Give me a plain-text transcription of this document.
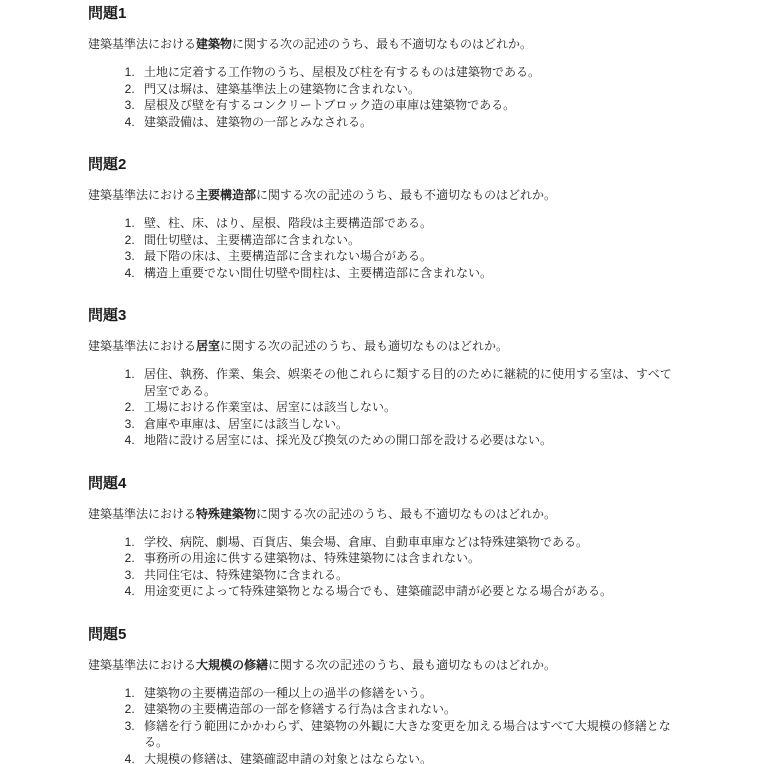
問題1

建築基準法における建築物に関する次の記述のうち、最も不適切なものはどれか。

1. 土地に定着する工作物のうち、屋根及び柱を有するものは建築物である。
2. 門又は塀は、建築基準法上の建築物に含まれない。
3. 屋根及び壁を有するコンクリートブロック造の車庫は建築物である。
4. 建築設備は、建築物の一部とみなされる。
問題2

建築基準法における主要構造部に関する次の記述のうち、最も不適切なものはどれか。

1. 壁、柱、床、はり、屋根、階段は主要構造部である。
2. 間仕切壁は、主要構造部に含まれない。
3. 最下階の床は、主要構造部に含まれない場合がある。
4. 構造上重要でない間仕切壁や間柱は、主要構造部に含まれない。
問題3

建築基準法における居室に関する次の記述のうち、最も適切なものはどれか。

1. 居住、執務、作業、集会、娯楽その他これらに類する目的のために継続的に使用する室は、すべて居室である。
2. 工場における作業室は、居室には該当しない。
3. 倉庫や車庫は、居室には該当しない。
4. 地階に設ける居室には、採光及び換気のための開口部を設ける必要はない。
問題4

建築基準法における特殊建築物に関する次の記述のうち、最も不適切なものはどれか。

1. 学校、病院、劇場、百貨店、集会場、倉庫、自動車車庫などは特殊建築物である。
2. 事務所の用途に供する建築物は、特殊建築物には含まれない。
3. 共同住宅は、特殊建築物に含まれる。
4. 用途変更によって特殊建築物となる場合でも、建築確認申請が必要となる場合がある。
問題5

建築基準法における大規模の修繕に関する次の記述のうち、最も適切なものはどれか。

1. 建築物の主要構造部の一種以上の過半の修繕をいう。
2. 建築物の主要構造部の一部を修繕する行為は含まれない。
3. 修繕を行う範囲にかかわらず、建築物の外観に大きな変更を加える場合はすべて大規模の修繕となる。
4. 大規模の修繕は、建築確認申請の対象とはならない。
